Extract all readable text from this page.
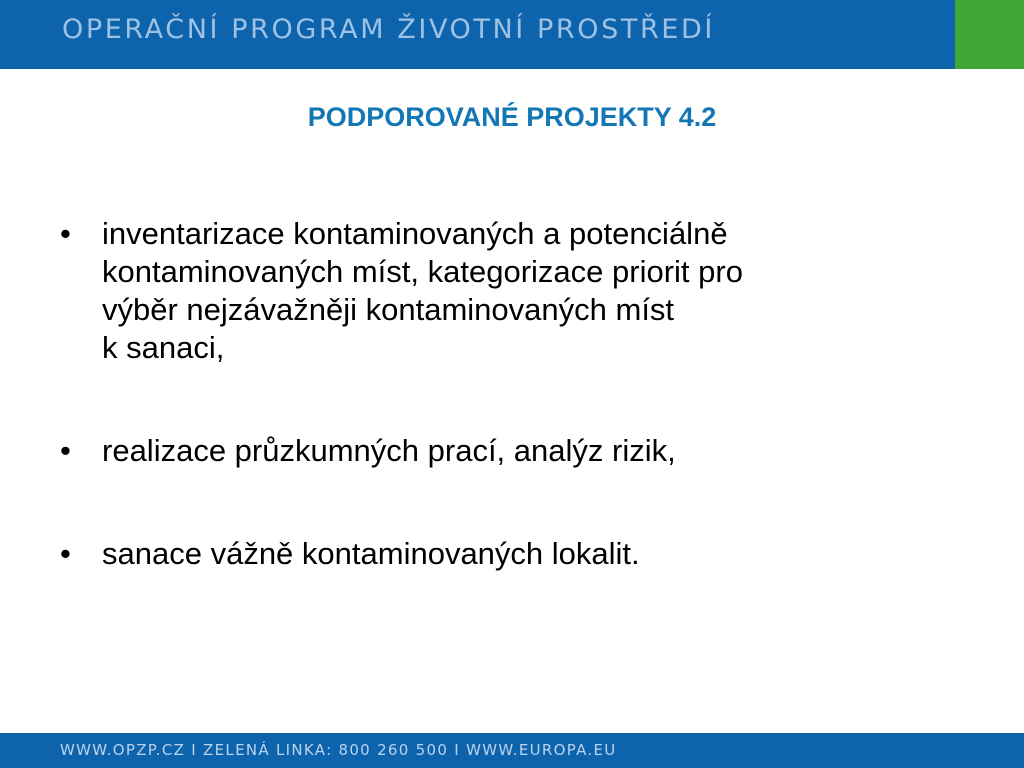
OPERAČNÍ PROGRAM ŽIVOTNÍ PROSTŘEDÍ
PODPOROVANÉ PROJEKTY 4.2
•	inventarizace kontaminovaných a potenciálně
kontaminovaných míst, kategorizace priorit pro
výběr nejzávažněji kontaminovaných míst
k sanaci,
•	realizace průzkumných prací, analýz rizik,
•	sanace vážně kontaminovaných lokalit.
WWW.OPZP.CZ I ZELENÁ LINKA: 800 260 500 I WWW.EUROPA.EU
